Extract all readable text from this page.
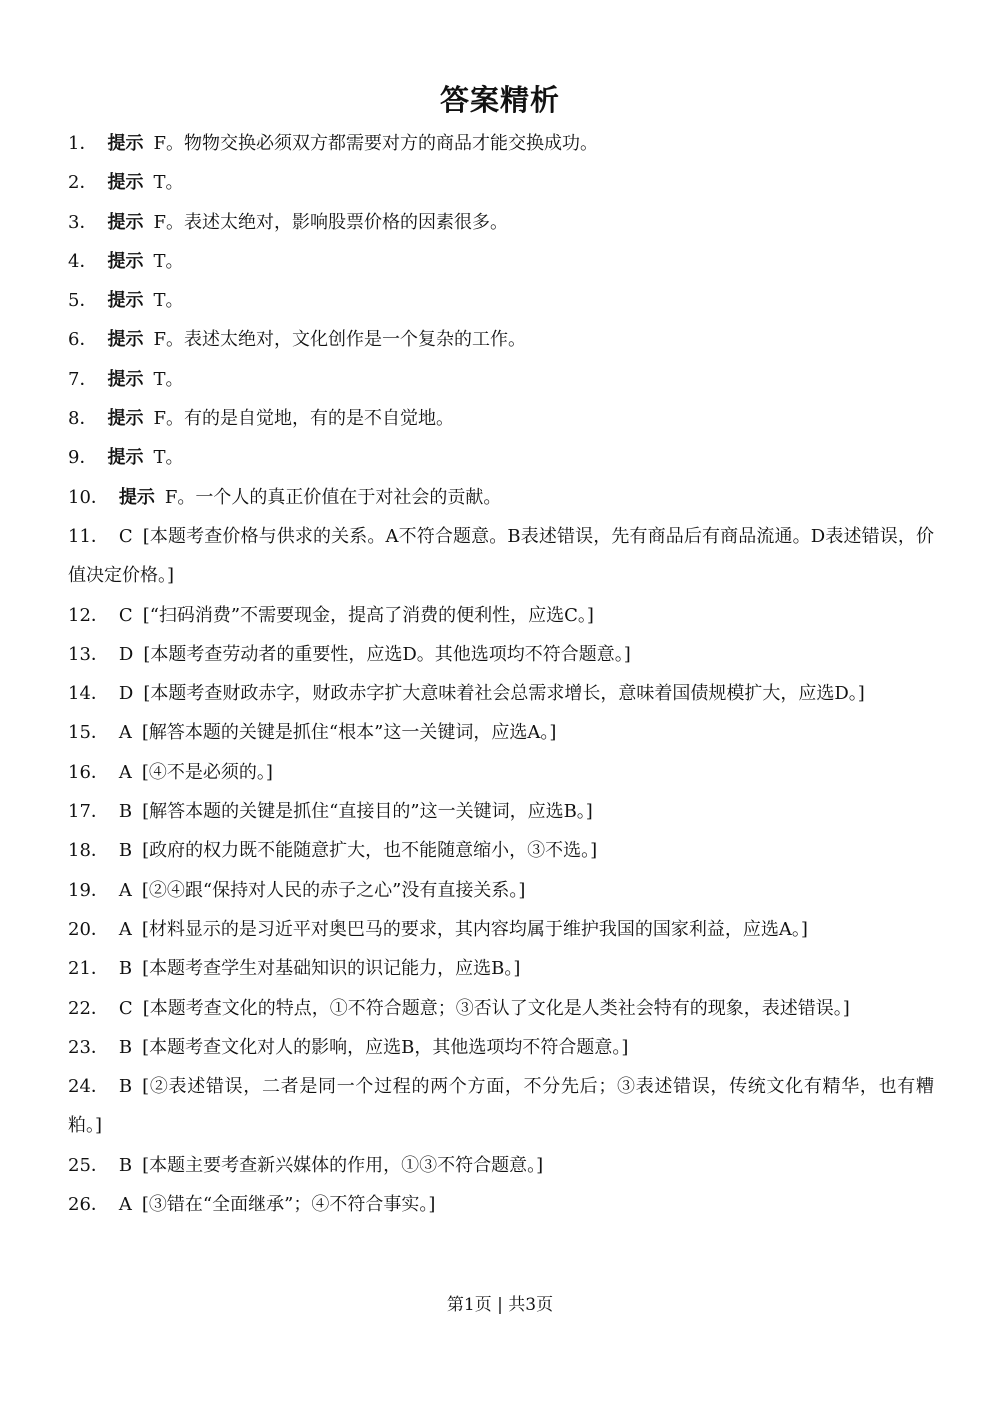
答案精析
1． 提示 F。物物交换必须双方都需要对方的商品才能交换成功。
2． 提示 T。
3． 提示 F。表述太绝对，影响股票价格的因素很多。
4． 提示 T。
5． 提示 T。
6． 提示 F。表述太绝对，文化创作是一个复杂的工作。
7． 提示 T。
8． 提示 F。有的是自觉地，有的是不自觉地。
9． 提示 T。
10． 提示 F。一个人的真正价值在于对社会的贡献。
11． C [本题考查价格与供求的关系。A不符合题意。B表述错误，先有商品后有商品流通。D表述错误，价值决定价格。]
12． C [“扫码消费”不需要现金，提高了消费的便利性，应选C。]
13． D [本题考查劳动者的重要性，应选D。其他选项均不符合题意。]
14． D [本题考查财政赤字，财政赤字扩大意味着社会总需求增长，意味着国债规模扩大，应选D。]
15． A [解答本题的关键是抓住“根本”这一关键词，应选A。]
16． A [④不是必须的。]
17． B [解答本题的关键是抓住“直接目的”这一关键词，应选B。]
18． B [政府的权力既不能随意扩大，也不能随意缩小，③不选。]
19． A [②④跟“保持对人民的赤子之心”没有直接关系。]
20． A [材料显示的是习近平对奥巴马的要求，其内容均属于维护我国的国家利益，应选A。]
21． B [本题考查学生对基础知识的识记能力，应选B。]
22． C [本题考查文化的特点，①不符合题意；③否认了文化是人类社会特有的现象，表述错误。]
23． B [本题考查文化对人的影响，应选B，其他选项均不符合题意。]
24． B [②表述错误，二者是同一个过程的两个方面，不分先后；③表述错误，传统文化有精华，也有糟粕。]
25． B [本题主要考查新兴媒体的作用，①③不符合题意。]
26． A [③错在“全面继承”；④不符合事实。]
第1页 | 共3页
